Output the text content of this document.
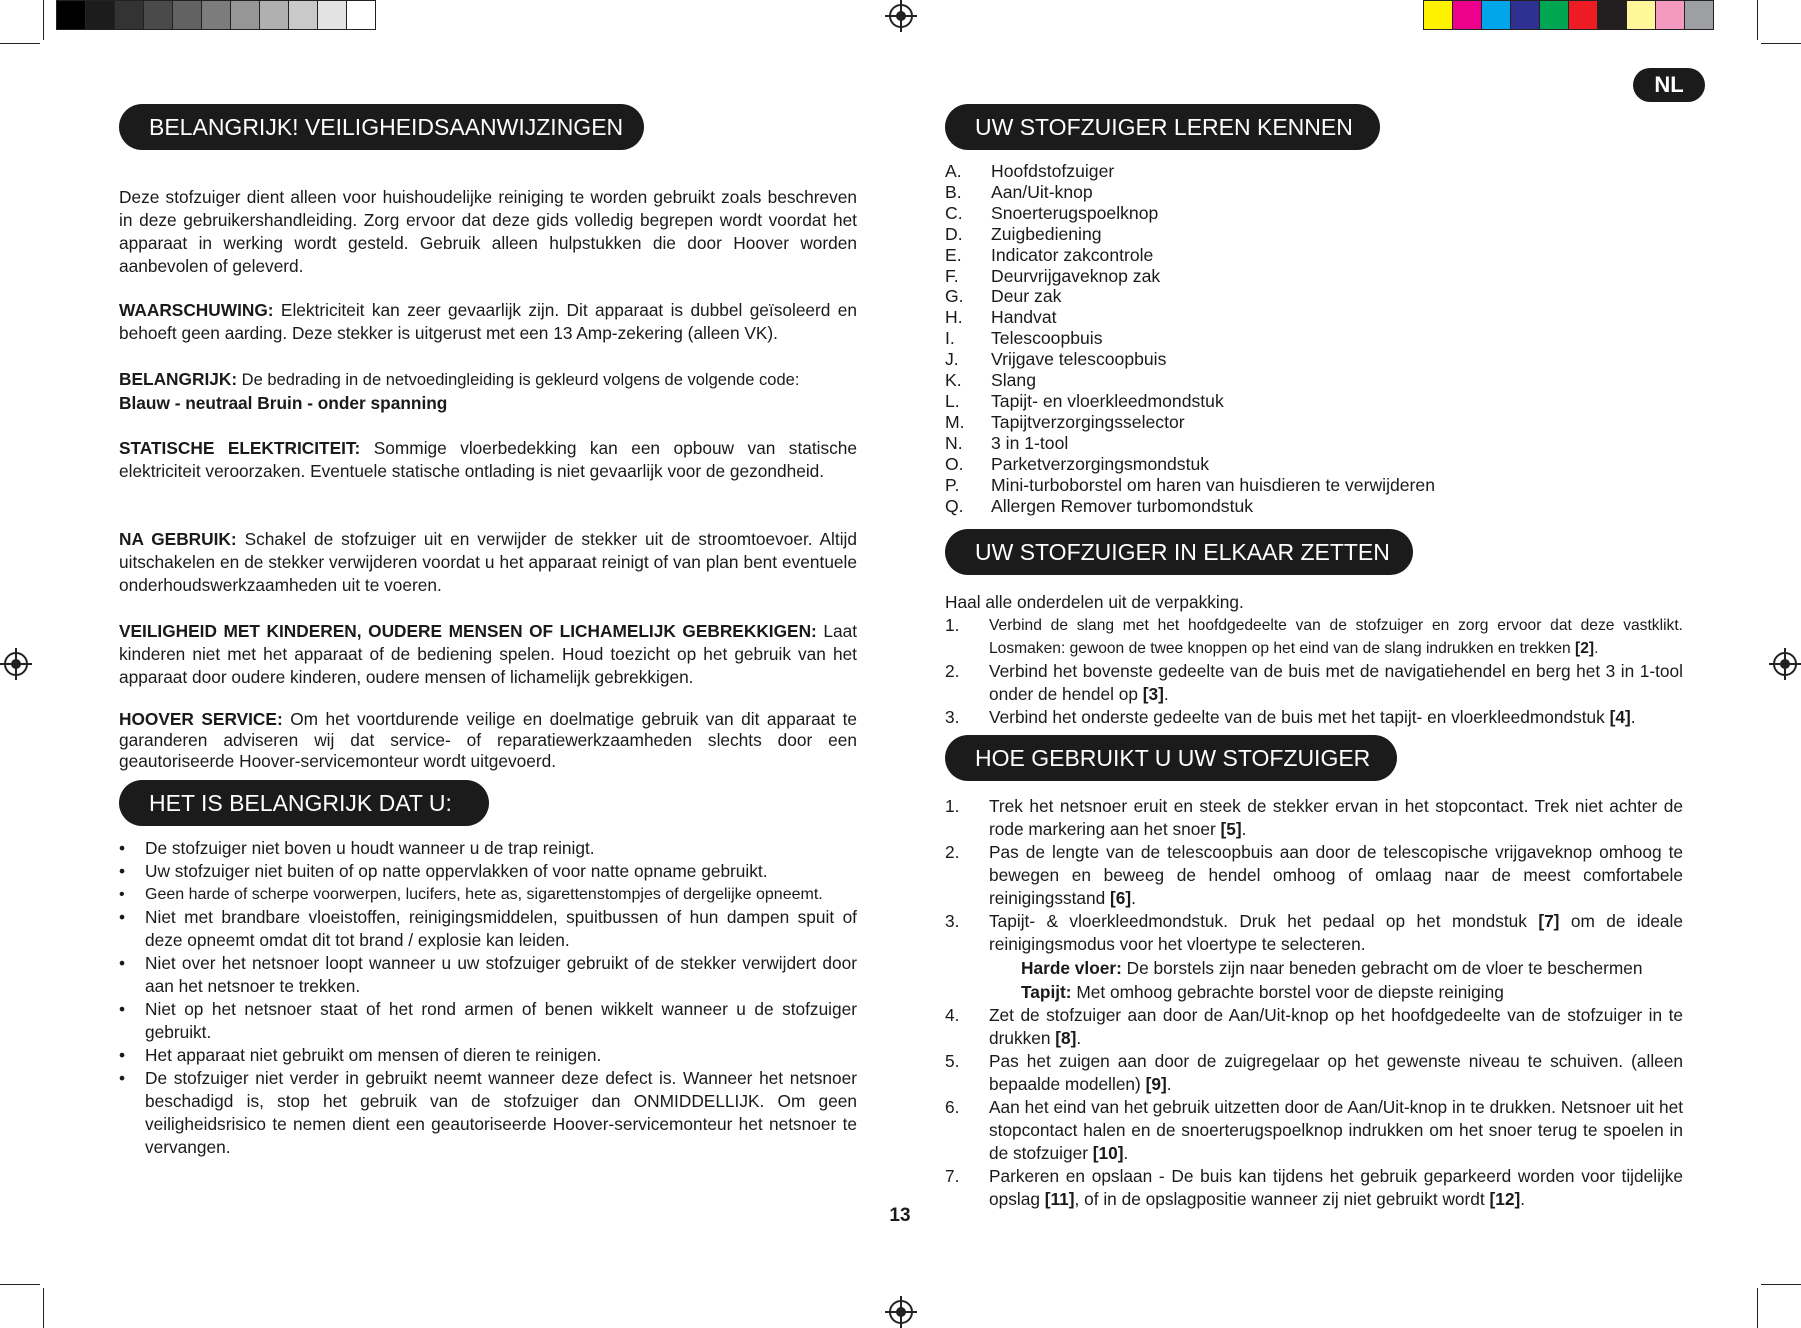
NL
BELANGRIJK! VEILIGHEIDSAANWIJZINGEN
Deze stofzuiger dient alleen voor huishoudelijke reiniging te worden gebruikt zoals beschreven in deze gebruikershandleiding. Zorg ervoor dat deze gids volledig begrepen wordt voordat het apparaat in werking wordt gesteld. Gebruik alleen hulpstukken die door Hoover worden aanbevolen of geleverd.
WAARSCHUWING: Elektriciteit kan zeer gevaarlijk zijn. Dit apparaat is dubbel geïsoleerd en behoeft geen aarding. Deze stekker is uitgerust met een 13 Amp-zekering (alleen VK).
BELANGRIJK: De bedrading in de netvoedingleiding is gekleurd volgens de volgende code:
Blauw - neutraal Bruin - onder spanning
STATISCHE ELEKTRICITEIT: Sommige vloerbedekking kan een opbouw van statische elektriciteit veroorzaken. Eventuele statische ontlading is niet gevaarlijk voor de gezondheid.
NA GEBRUIK: Schakel de stofzuiger uit en verwijder de stekker uit de stroomtoevoer. Altijd uitschakelen en de stekker verwijderen voordat u het apparaat reinigt of van plan bent eventuele onderhoudswerkzaamheden uit te voeren.
VEILIGHEID MET KINDEREN, OUDERE MENSEN OF LICHAMELIJK GEBREKKIGEN: Laat kinderen niet met het apparaat of de bediening spelen. Houd toezicht op het gebruik van het apparaat door oudere kinderen, oudere mensen of lichamelijk gebrekkigen.
HOOVER SERVICE: Om het voortdurende veilige en doelmatige gebruik van dit apparaat te garanderen adviseren wij dat service- of reparatiewerkzaamheden slechts door een geautoriseerde Hoover-servicemonteur wordt uitgevoerd.
HET IS BELANGRIJK DAT U:
• De stofzuiger niet boven u houdt wanneer u de trap reinigt.
• Uw stofzuiger niet buiten of op natte oppervlakken of voor natte opname gebruikt.
• Geen harde of scherpe voorwerpen, lucifers, hete as, sigarettenstompjes of dergelijke opneemt.
• Niet met brandbare vloeistoffen, reinigingsmiddelen, spuitbussen of hun dampen spuit of deze opneemt omdat dit tot brand / explosie kan leiden.
• Niet over het netsnoer loopt wanneer u uw stofzuiger gebruikt of de stekker verwijdert door aan het netsnoer te trekken.
• Niet op het netsnoer staat of het rond armen of benen wikkelt wanneer u de stofzuiger gebruikt.
• Het apparaat niet gebruikt om mensen of dieren te reinigen.
• De stofzuiger niet verder in gebruikt neemt wanneer deze defect is. Wanneer het netsnoer beschadigd is, stop het gebruik van de stofzuiger dan ONMIDDELLIJK. Om geen veiligheidsrisico te nemen dient een geautoriseerde Hoover-servicemonteur het netsnoer te vervangen.
UW STOFZUIGER LEREN KENNEN
A.	Hoofdstofzuiger
B.	Aan/Uit-knop
C.	Snoerterugspoelknop
D.	Zuigbediening
E.	Indicator zakcontrole
F.	Deurvrijgaveknop zak
G.	Deur zak
H.	Handvat
I.	Telescoopbuis
J.	Vrijgave telescoopbuis
K.	Slang
L.	Tapijt- en vloerkleedmondstuk
M.	Tapijtverzorgingsselector
N.	3 in 1-tool
O.	Parketverzorgingsmondstuk
P.	Mini-turboborstel om haren van huisdieren te verwijderen
Q.	Allergen Remover turbomondstuk
UW STOFZUIGER IN ELKAAR ZETTEN
Haal alle onderdelen uit de verpakking.
1. Verbind de slang met het hoofdgedeelte van de stofzuiger en zorg ervoor dat deze vastklikt. Losmaken: gewoon de twee knoppen op het eind van de slang indrukken en trekken [2].
2. Verbind het bovenste gedeelte van de buis met de navigatiehendel en berg het 3 in 1-tool onder de hendel op [3].
3. Verbind het onderste gedeelte van de buis met het tapijt- en vloerkleedmondstuk [4].
HOE GEBRUIKT U UW STOFZUIGER
1. Trek het netsnoer eruit en steek de stekker ervan in het stopcontact. Trek niet achter de rode markering aan het snoer [5].
2. Pas de lengte van de telescoopbuis aan door de telescopische vrijgaveknop omhoog te bewegen en beweeg de hendel omhoog of omlaag naar de meest comfortabele reinigingsstand [6].
3. Tapijt- & vloerkleedmondstuk. Druk het pedaal op het mondstuk [7] om de ideale reinigingsmodus voor het vloertype te selecteren.
Harde vloer: De borstels zijn naar beneden gebracht om de vloer te beschermen
Tapijt: Met omhoog gebrachte borstel voor de diepste reiniging
4. Zet de stofzuiger aan door de Aan/Uit-knop op het hoofdgedeelte van de stofzuiger in te drukken [8].
5. Pas het zuigen aan door de zuigregelaar op het gewenste niveau te schuiven. (alleen bepaalde modellen) [9].
6. Aan het eind van het gebruik uitzetten door de Aan/Uit-knop in te drukken. Netsnoer uit het stopcontact halen en de snoerterugspoelknop indrukken om het snoer terug te spoelen in de stofzuiger [10].
7. Parkeren en opslaan - De buis kan tijdens het gebruik geparkeerd worden voor tijdelijke opslag [11], of in de opslagpositie wanneer zij niet gebruikt wordt [12].
13
